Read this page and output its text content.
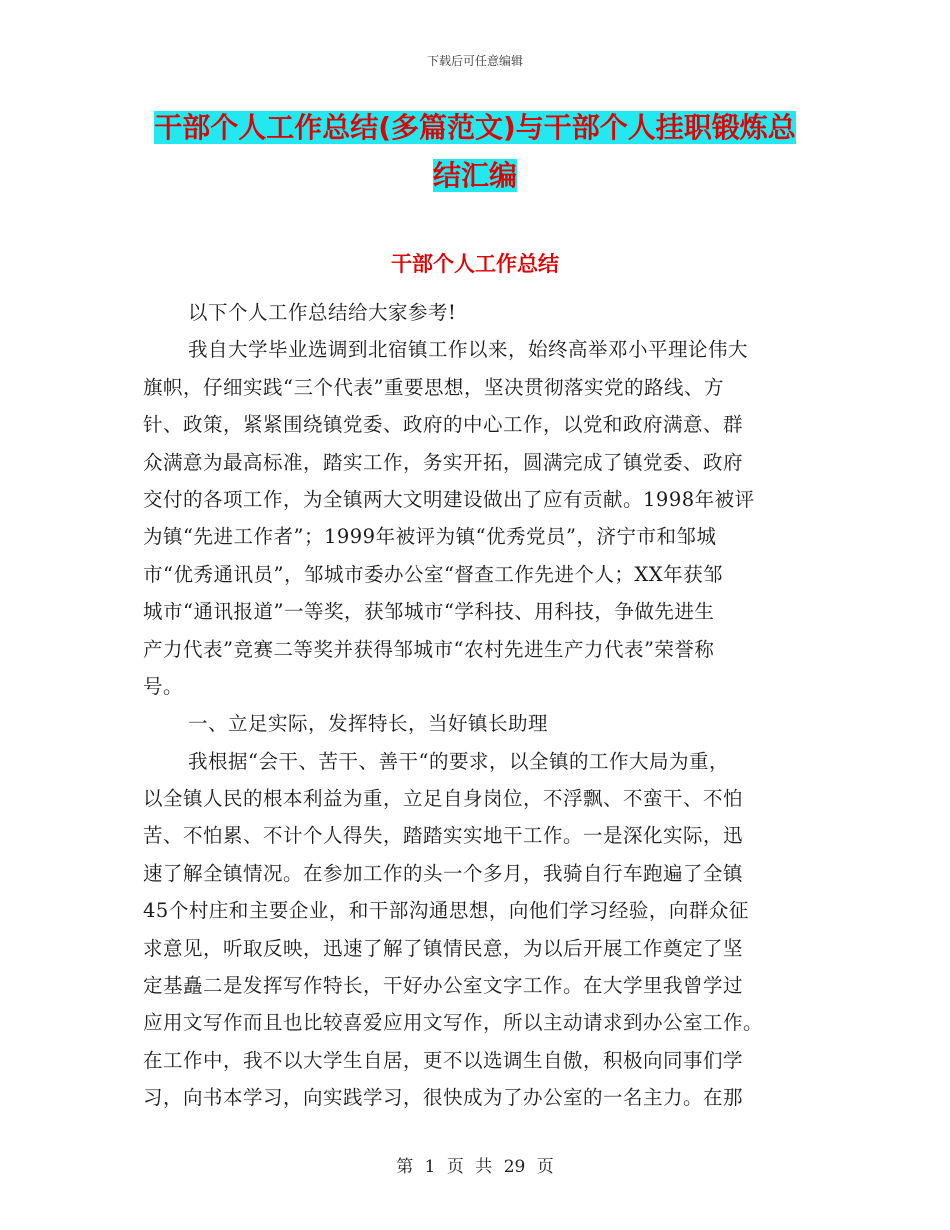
下载后可任意编辑
干部个人工作总结(多篇范文)与干部个人挂职锻炼总
结汇编
干部个人工作总结
以下个人工作总结给大家参考!
我自大学毕业选调到北宿镇工作以来，始终高举邓小平理论伟大
旗帜，仔细实践“三个代表”重要思想，坚决贯彻落实党的路线、方
针、政策，紧紧围绕镇党委、政府的中心工作，以党和政府满意、群
众满意为最高标准，踏实工作，务实开拓，圆满完成了镇党委、政府
交付的各项工作，为全镇两大文明建设做出了应有贡献。1998年被评
为镇“先进工作者”；1999年被评为镇“优秀党员”，济宁市和邹城
市“优秀通讯员”，邹城市委办公室“督查工作先进个人；XX年获邹
城市“通讯报道”一等奖，获邹城市“学科技、用科技，争做先进生
产力代表”竞赛二等奖并获得邹城市“农村先进生产力代表”荣誉称
号。
一、立足实际，发挥特长，当好镇长助理
我根据“会干、苦干、善干“的要求，以全镇的工作大局为重，
以全镇人民的根本利益为重，立足自身岗位，不浮飘、不蛮干、不怕
苦、不怕累、不计个人得失，踏踏实实地干工作。一是深化实际，迅
速了解全镇情况。在参加工作的头一个多月，我骑自行车跑遍了全镇
45个村庄和主要企业，和干部沟通思想，向他们学习经验，向群众征
求意见，听取反映，迅速了解了镇情民意，为以后开展工作奠定了坚
定基矗二是发挥写作特长，干好办公室文字工作。在大学里我曾学过
应用文写作而且也比较喜爱应用文写作，所以主动请求到办公室工作。
在工作中，我不以大学生自居，更不以选调生自傲，积极向同事们学
习，向书本学习，向实践学习，很快成为了办公室的一名主力。在那
第 1 页 共 29 页
